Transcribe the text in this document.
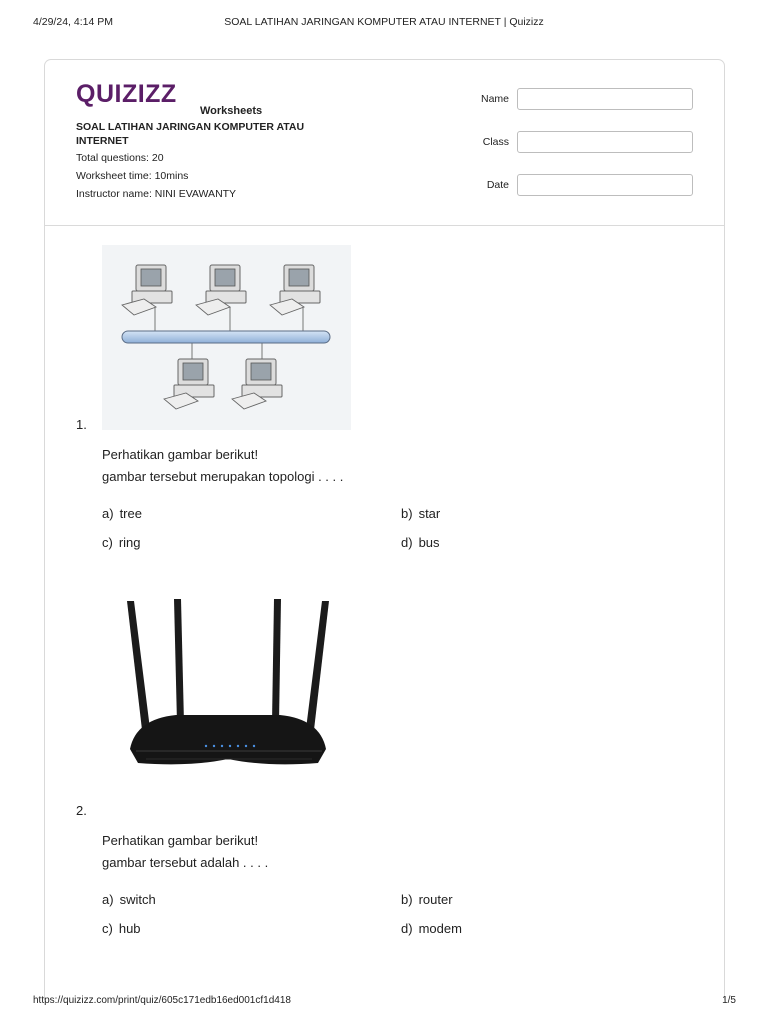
4/29/24, 4:14 PM	SOAL LATIHAN JARINGAN KOMPUTER ATAU INTERNET | Quizizz
QUIZIZZ
Worksheets
SOAL LATIHAN JARINGAN KOMPUTER ATAU INTERNET
Total questions: 20
Worksheet time: 10mins
Instructor name: NINI EVAWANTY
Name
Class
Date
1.
Perhatikan gambar berikut!
gambar tersebut merupakan topologi . . . .
a) tree	b) star
c) ring	d) bus
2.
Perhatikan gambar berikut!
gambar tersebut adalah . . . .
a) switch	b) router
c) hub	d) modem
https://quizizz.com/print/quiz/605c171edb16ed001cf1d418	1/5
